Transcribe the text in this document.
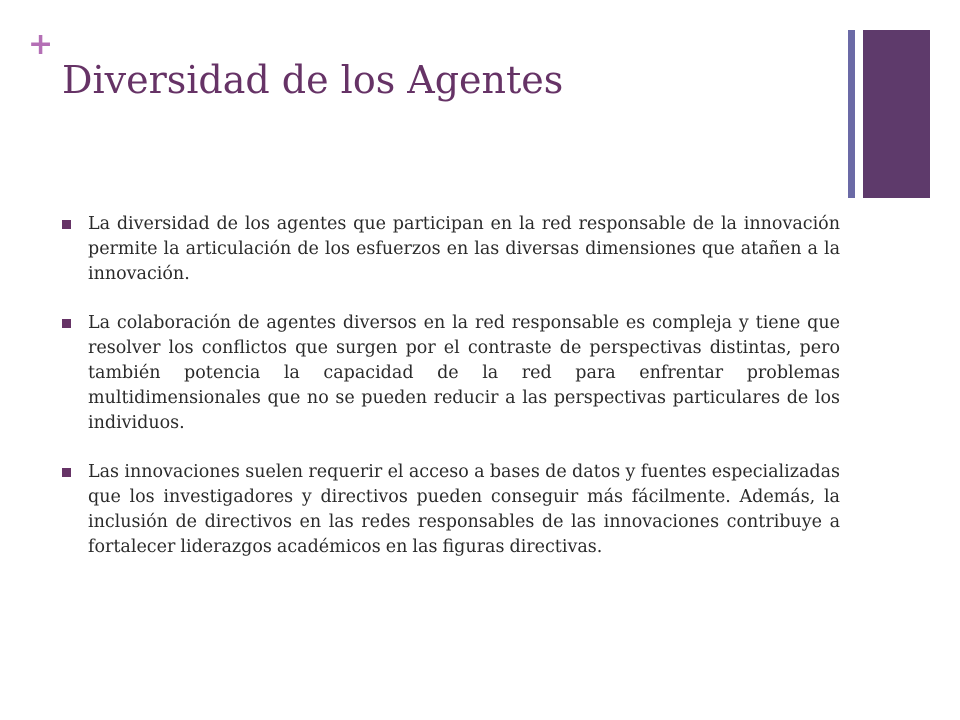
+
Diversidad de los Agentes

La diversidad de los agentes que participan en la red responsable de la innovación permite la articulación de los esfuerzos en las diversas dimensiones que atañen a la innovación.

La colaboración de agentes diversos en la red responsable es compleja y tiene que resolver los conflictos que surgen por el contraste de perspectivas distintas, pero también potencia la capacidad de la red para enfrentar problemas multidimensionales que no se pueden reducir a las perspectivas particulares de los individuos.

Las innovaciones suelen requerir el acceso a bases de datos y fuentes especializadas que los investigadores y directivos pueden conseguir más fácilmente. Además, la inclusión de directivos en las redes responsables de las innovaciones contribuye a fortalecer liderazgos académicos en las figuras directivas.
